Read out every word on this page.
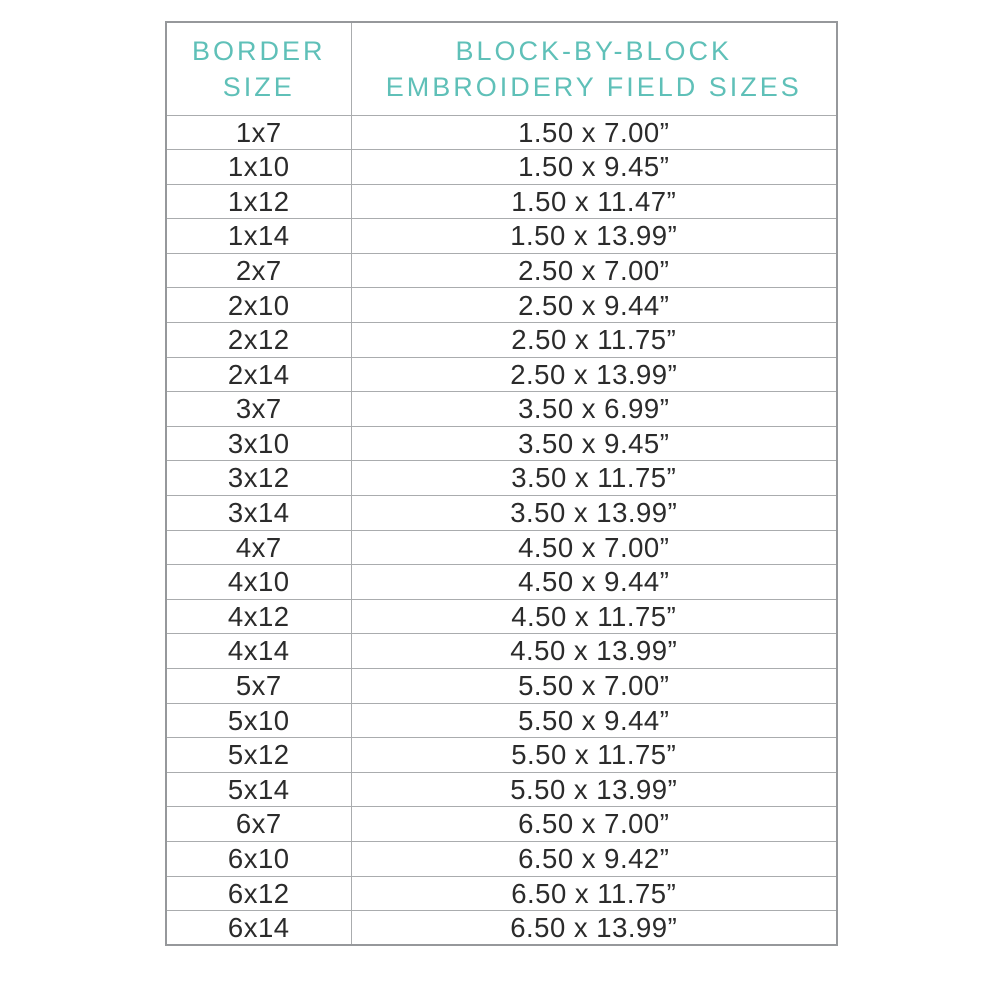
BORDER
SIZE

BLOCK-BY-BLOCK
EMBROIDERY FIELD SIZES

1x7	1.50 x 7.00”
1x10	1.50 x 9.45”
1x12	1.50 x 11.47”
1x14	1.50 x 13.99”
2x7	2.50 x 7.00”
2x10	2.50 x 9.44”
2x12	2.50 x 11.75”
2x14	2.50 x 13.99”
3x7	3.50 x 6.99”
3x10	3.50 x 9.45”
3x12	3.50 x 11.75”
3x14	3.50 x 13.99”
4x7	4.50 x 7.00”
4x10	4.50 x 9.44”
4x12	4.50 x 11.75”
4x14	4.50 x 13.99”
5x7	5.50 x 7.00”
5x10	5.50 x 9.44”
5x12	5.50 x 11.75”
5x14	5.50 x 13.99”
6x7	6.50 x 7.00”
6x10	6.50 x 9.42”
6x12	6.50 x 11.75”
6x14	6.50 x 13.99”
